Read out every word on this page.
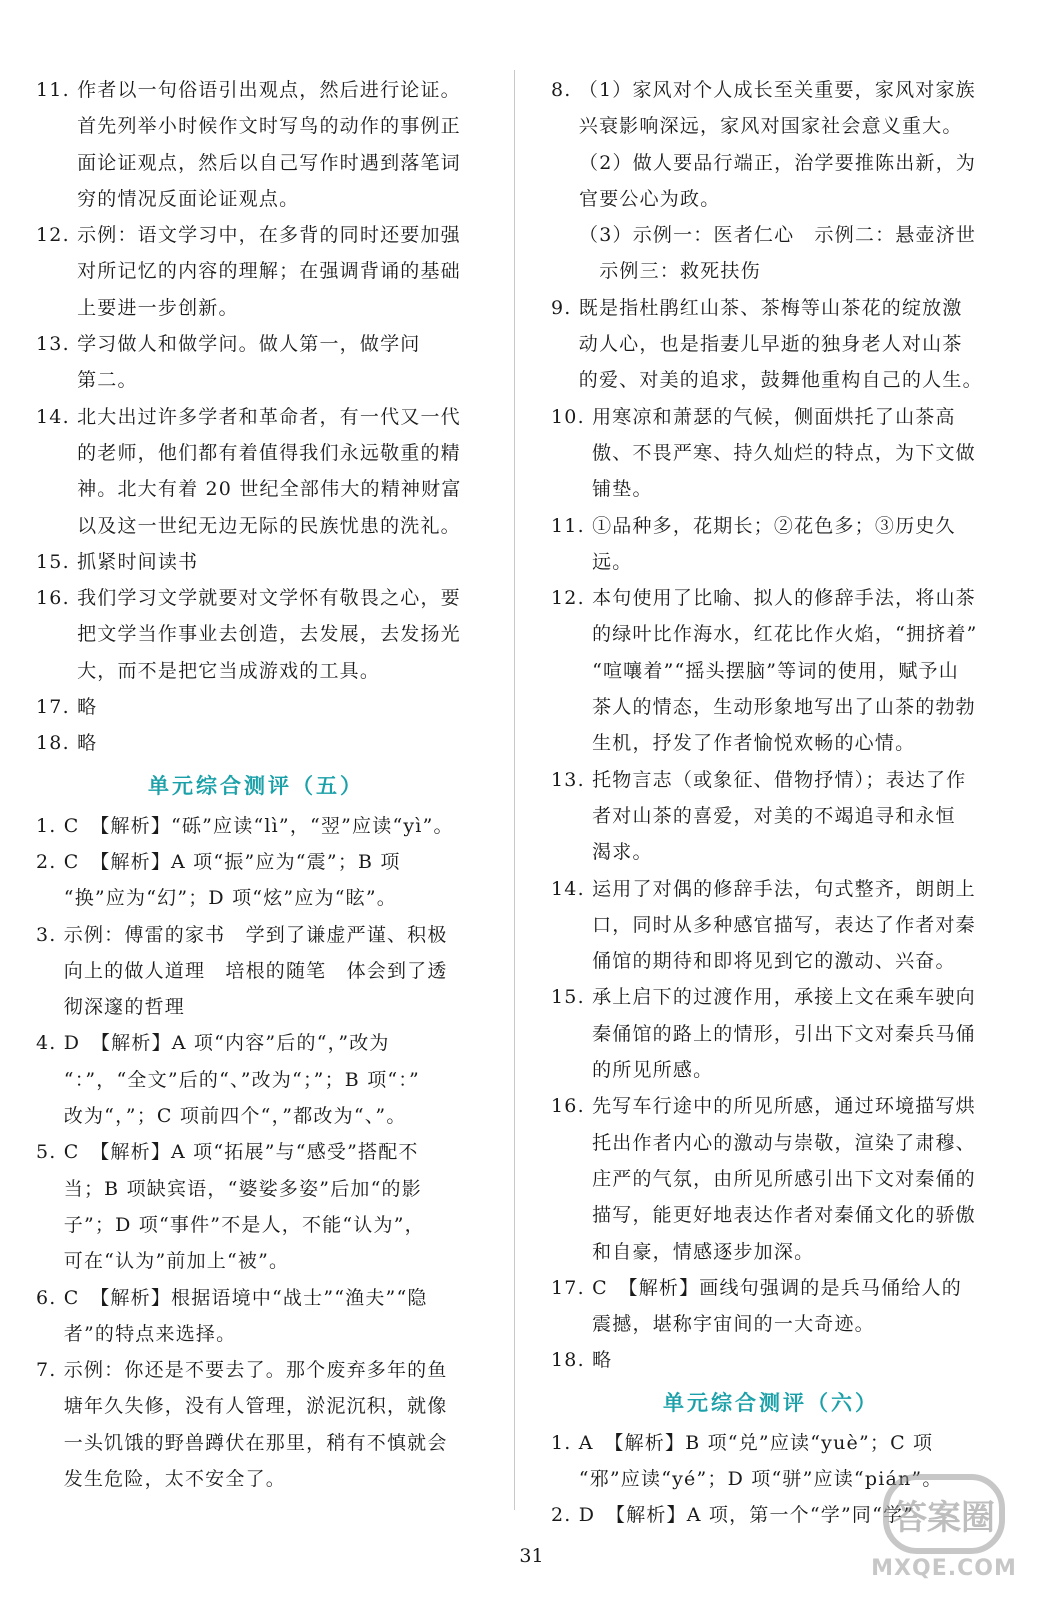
11. 作者以一句俗语引出观点，然后进行论证。
首先列举小时候作文时写鸟的动作的事例正
面论证观点，然后以自己写作时遇到落笔词
穷的情况反面论证观点。
12. 示例：语文学习中，在多背的同时还要加强
对所记忆的内容的理解；在强调背诵的基础
上要进一步创新。
13. 学习做人和做学问。做人第一，做学问
第二。
14. 北大出过许多学者和革命者，有一代又一代
的老师，他们都有着值得我们永远敬重的精
神。北大有着 20 世纪全部伟大的精神财富
以及这一世纪无边无际的民族忧患的洗礼。
15. 抓紧时间读书
16. 我们学习文学就要对文学怀有敬畏之心，要
把文学当作事业去创造，去发展，去发扬光
大，而不是把它当成游戏的工具。
17. 略
18. 略
单元综合测评（五）
1. C　【解析】“砾”应读“lì”，“翌”应读“yì”。
2. C　【解析】A 项“振”应为“震”；B 项
“换”应为“幻”；D 项“炫”应为“眩”。
3. 示例：傅雷的家书　学到了谦虚严谨、积极
向上的做人道理　培根的随笔　体会到了透
彻深邃的哲理
4. D　【解析】A 项“内容”后的“，”改为
“：”，“全文”后的“、”改为“；”；B 项“：”
改为“，”；C 项前四个“，”都改为“、”。
5. C　【解析】A 项“拓展”与“感受”搭配不
当；B 项缺宾语，“婆娑多姿”后加“的影
子”；D 项“事件”不是人，不能“认为”，
可在“认为”前加上“被”。
6. C　【解析】根据语境中“战士”“渔夫”“隐
者”的特点来选择。
7. 示例：你还是不要去了。那个废弃多年的鱼
塘年久失修，没有人管理，淤泥沉积，就像
一头饥饿的野兽蹲伏在那里，稍有不慎就会
发生危险，太不安全了。
8. （1）家风对个人成长至关重要，家风对家族
兴衰影响深远，家风对国家社会意义重大。
（2）做人要品行端正，治学要推陈出新，为
官要公心为政。
（3）示例一：医者仁心　示例二：悬壶济世
　示例三：救死扶伤
9. 既是指杜鹃红山茶、茶梅等山茶花的绽放激
动人心，也是指妻儿早逝的独身老人对山茶
的爱、对美的追求，鼓舞他重构自己的人生。
10. 用寒凉和萧瑟的气候，侧面烘托了山茶高
傲、不畏严寒、持久灿烂的特点，为下文做
铺垫。
11. ①品种多，花期长；②花色多；③历史久远。
12. 本句使用了比喻、拟人的修辞手法，将山茶
的绿叶比作海水，红花比作火焰，“拥挤着”
“喧嚷着”“摇头摆脑”等词的使用，赋予山
茶人的情态，生动形象地写出了山茶的勃勃
生机，抒发了作者愉悦欢畅的心情。
13. 托物言志（或象征、借物抒情）；表达了作
者对山茶的喜爱，对美的不竭追寻和永恒
渴求。
14. 运用了对偶的修辞手法，句式整齐，朗朗上
口，同时从多种感官描写，表达了作者对秦
俑馆的期待和即将见到它的激动、兴奋。
15. 承上启下的过渡作用，承接上文在乘车驶向
秦俑馆的路上的情形，引出下文对秦兵马俑
的所见所感。
16. 先写车行途中的所见所感，通过环境描写烘
托出作者内心的激动与崇敬，渲染了肃穆、
庄严的气氛，由所见所感引出下文对秦俑的
描写，能更好地表达作者对秦俑文化的骄傲
和自豪，情感逐步加深。
17. C　【解析】画线句强调的是兵马俑给人的
震撼，堪称宇宙间的一大奇迹。
18. 略
单元综合测评（六）
1. A　【解析】B 项“兑”应读“yuè”；C 项
“邪”应读“yé”；D 项“骈”应读“pián”。
2. D　【解析】A 项，第一个“学”同“学”
31
答案圈
MXQE.COM
